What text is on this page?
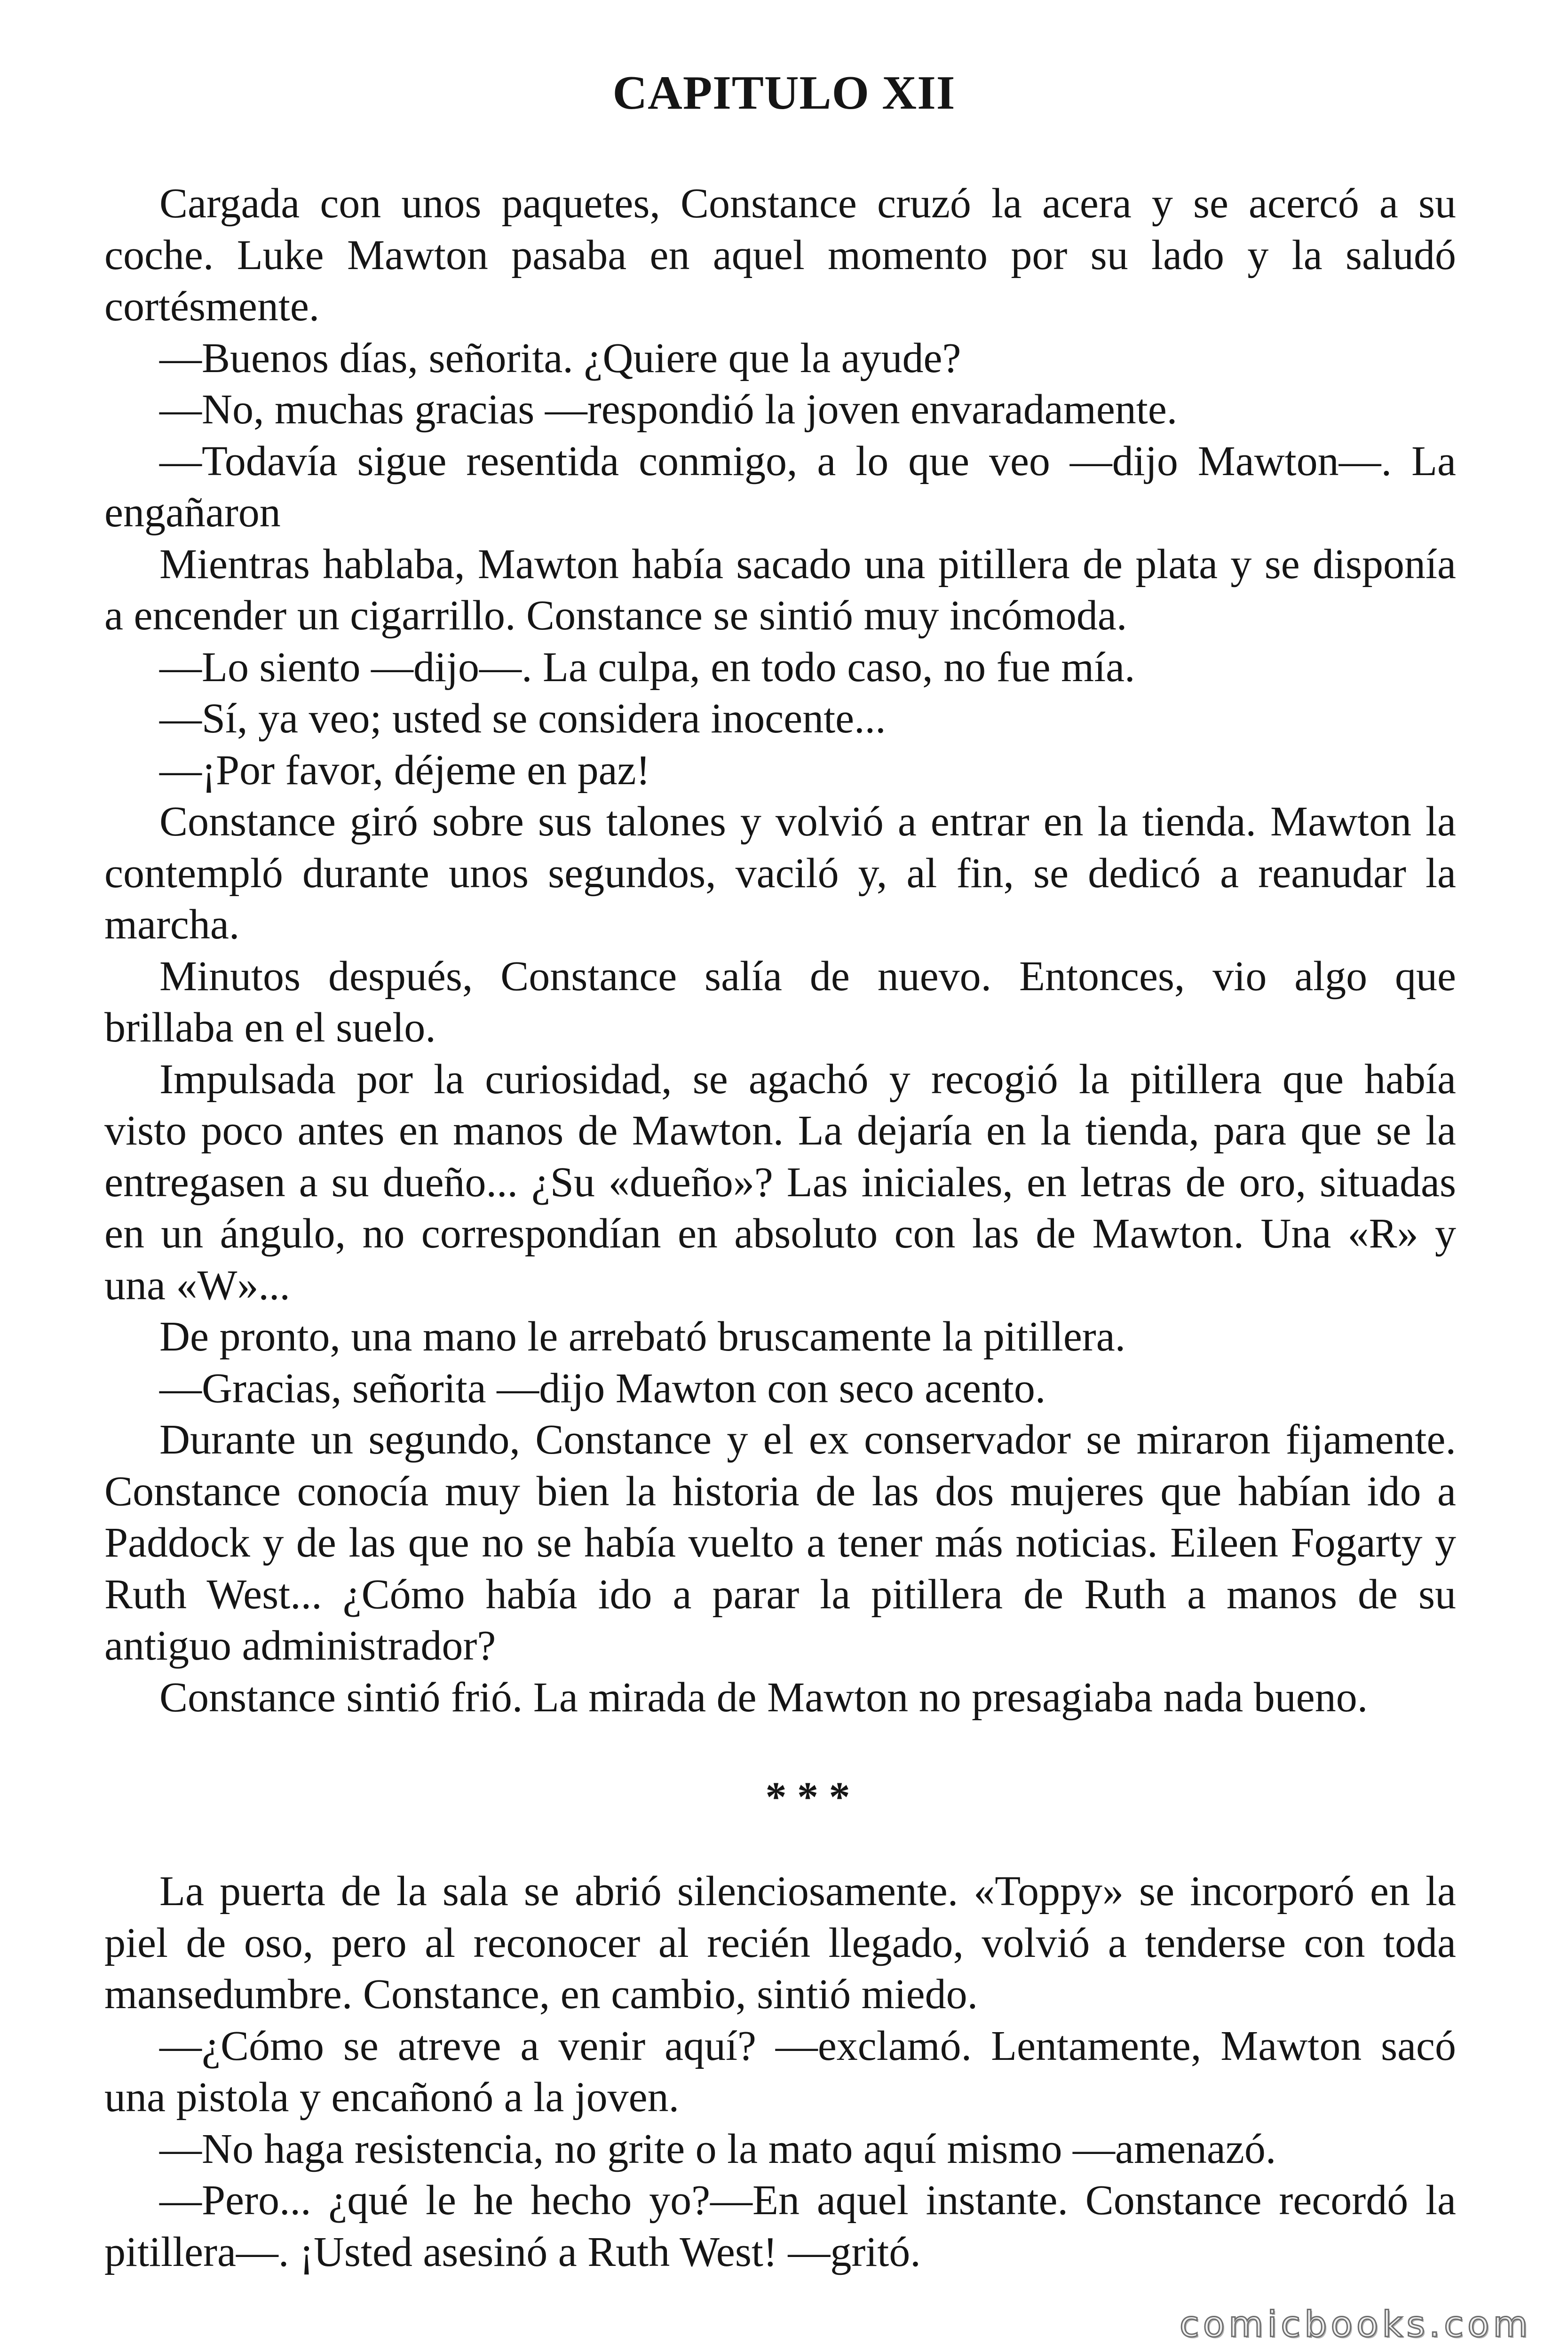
CAPITULO XII
Cargada con unos paquetes, Constance cruzó la acera y se acercó a su
coche. Luke Mawton pasaba en aquel momento por su lado y la saludó
cortésmente.
—Buenos días, señorita. ¿Quiere que la ayude?
—No, muchas gracias —respondió la joven envaradamente.
—Todavía sigue resentida conmigo, a lo que veo —dijo Mawton—. La
engañaron
Mientras hablaba, Mawton había sacado una pitillera de plata y se disponía
a encender un cigarrillo. Constance se sintió muy incómoda.
—Lo siento —dijo—. La culpa, en todo caso, no fue mía.
—Sí, ya veo; usted se considera inocente...
—¡Por favor, déjeme en paz!
Constance giró sobre sus talones y volvió a entrar en la tienda. Mawton la
contempló durante unos segundos, vaciló y, al fin, se dedicó a reanudar la
marcha.
Minutos después, Constance salía de nuevo. Entonces, vio algo que
brillaba en el suelo.
Impulsada por la curiosidad, se agachó y recogió la pitillera que había
visto poco antes en manos de Mawton. La dejaría en la tienda, para que se la
entregasen a su dueño... ¿Su «dueño»? Las iniciales, en letras de oro, situadas
en un ángulo, no correspondían en absoluto con las de Mawton. Una «R» y
una «W»...
De pronto, una mano le arrebató bruscamente la pitillera.
—Gracias, señorita —dijo Mawton con seco acento.
Durante un segundo, Constance y el ex conservador se miraron fijamente.
Constance conocía muy bien la historia de las dos mujeres que habían ido a
Paddock y de las que no se había vuelto a tener más noticias. Eileen Fogarty y
Ruth West... ¿Cómo había ido a parar la pitillera de Ruth a manos de su
antiguo administrador?
Constance sintió frió. La mirada de Mawton no presagiaba nada bueno.
* * *
La puerta de la sala se abrió silenciosamente. «Toppy» se incorporó en la
piel de oso, pero al reconocer al recién llegado, volvió a tenderse con toda
mansedumbre. Constance, en cambio, sintió miedo.
—¿Cómo se atreve a venir aquí? —exclamó. Lentamente, Mawton sacó
una pistola y encañonó a la joven.
—No haga resistencia, no grite o la mato aquí mismo —amenazó.
—Pero... ¿qué le he hecho yo?—En aquel instante. Constance recordó la
pitillera—. ¡Usted asesinó a Ruth West! —gritó.
comicbooks.com
